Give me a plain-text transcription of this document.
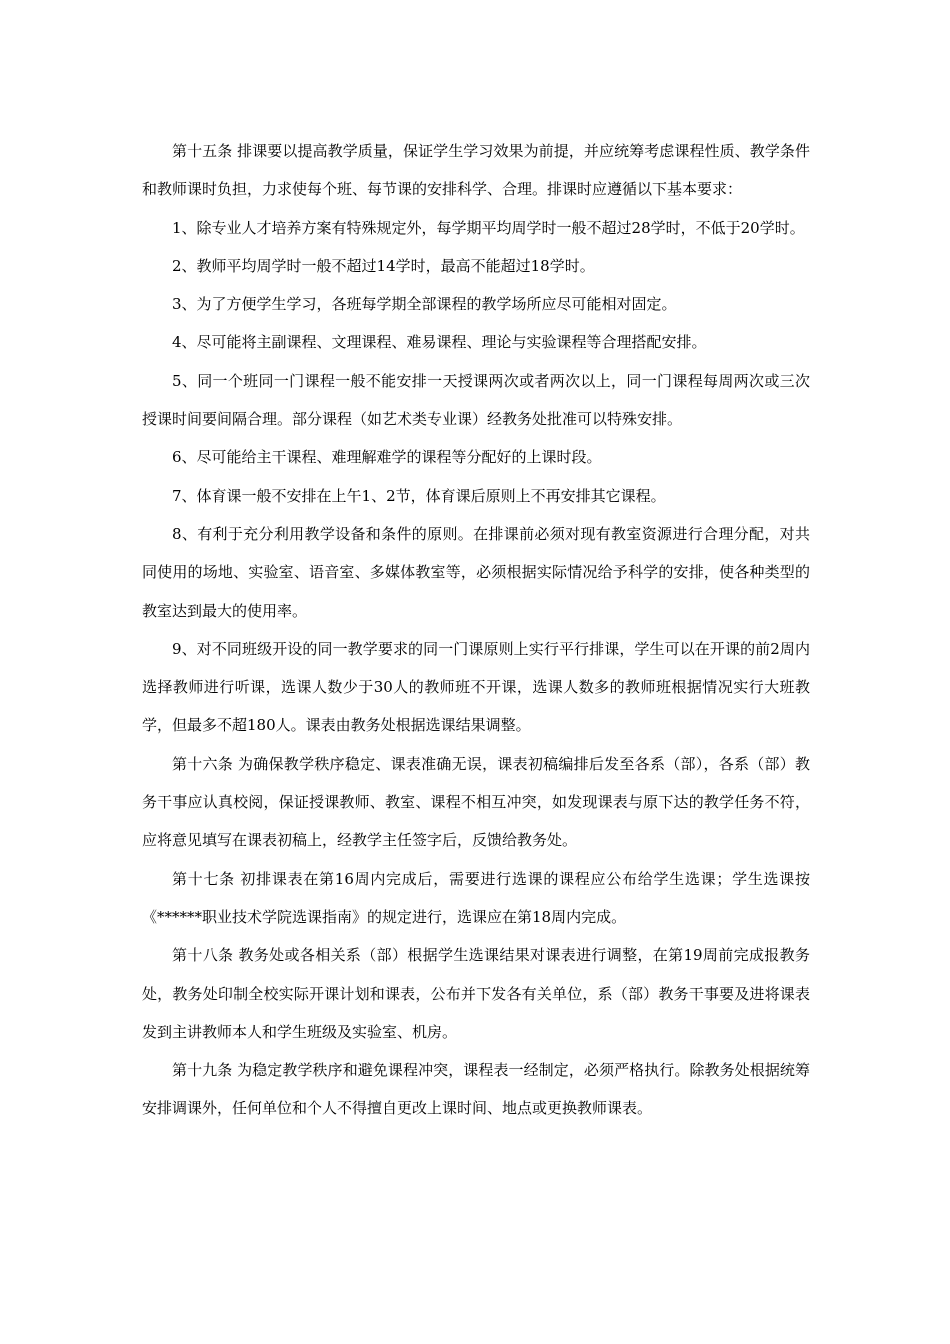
第十五条 排课要以提高教学质量，保证学生学习效果为前提，并应统筹考虑课程性质、教学条件和教师课时负担，力求使每个班、每节课的安排科学、合理。排课时应遵循以下基本要求：

1、除专业人才培养方案有特殊规定外，每学期平均周学时一般不超过28学时，不低于20学时。

2、教师平均周学时一般不超过14学时，最高不能超过18学时。

3、为了方便学生学习，各班每学期全部课程的教学场所应尽可能相对固定。

4、尽可能将主副课程、文理课程、难易课程、理论与实验课程等合理搭配安排。

5、同一个班同一门课程一般不能安排一天授课两次或者两次以上，同一门课程每周两次或三次授课时间要间隔合理。部分课程（如艺术类专业课）经教务处批准可以特殊安排。

6、尽可能给主干课程、难理解难学的课程等分配好的上课时段。

7、体育课一般不安排在上午1、2节，体育课后原则上不再安排其它课程。

8、有利于充分利用教学设备和条件的原则。在排课前必须对现有教室资源进行合理分配，对共同使用的场地、实验室、语音室、多媒体教室等，必须根据实际情况给予科学的安排，使各种类型的教室达到最大的使用率。

9、对不同班级开设的同一教学要求的同一门课原则上实行平行排课，学生可以在开课的前2周内选择教师进行听课，选课人数少于30人的教师班不开课，选课人数多的教师班根据情况实行大班教学，但最多不超180人。课表由教务处根据选课结果调整。

第十六条 为确保教学秩序稳定、课表准确无误，课表初稿编排后发至各系（部），各系（部）教务干事应认真校阅，保证授课教师、教室、课程不相互冲突，如发现课表与原下达的教学任务不符，应将意见填写在课表初稿上，经教学主任签字后，反馈给教务处。

第十七条 初排课表在第16周内完成后，需要进行选课的课程应公布给学生选课；学生选课按《******职业技术学院选课指南》的规定进行，选课应在第18周内完成。

第十八条 教务处或各相关系（部）根据学生选课结果对课表进行调整，在第19周前完成报教务处，教务处印制全校实际开课计划和课表，公布并下发各有关单位，系（部）教务干事要及进将课表发到主讲教师本人和学生班级及实验室、机房。

第十九条 为稳定教学秩序和避免课程冲突，课程表一经制定，必须严格执行。除教务处根据统筹安排调课外，任何单位和个人不得擅自更改上课时间、地点或更换教师课表。
